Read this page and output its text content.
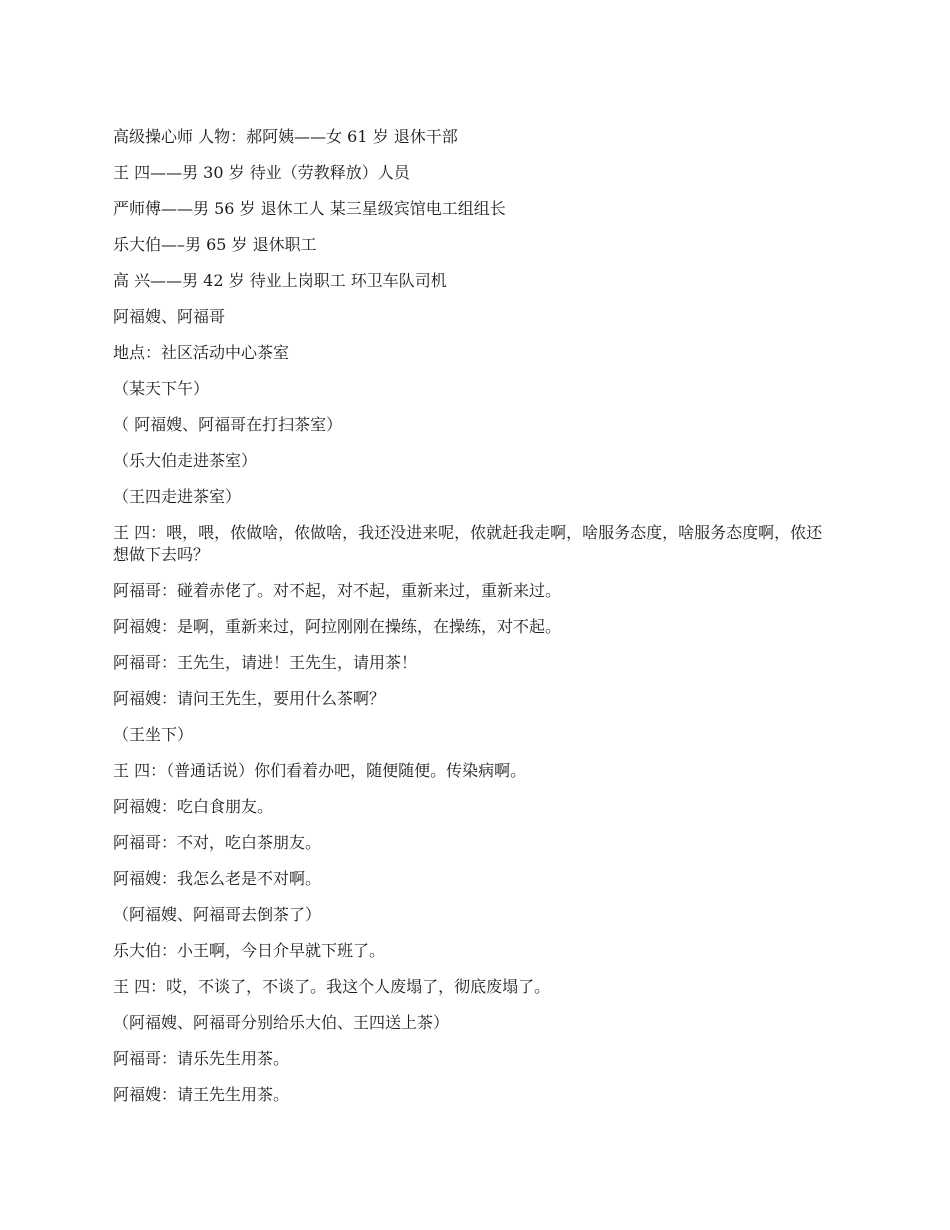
高级操心师 人物：郝阿姨——女 61 岁 退休干部

王 四——男 30 岁 待业（劳教释放）人员

严师傅——男 56 岁 退休工人 某三星级宾馆电工组组长

乐大伯—–男 65 岁 退休职工

高 兴——男 42 岁 待业上岗职工 环卫车队司机

阿福嫂、阿福哥

地点：社区活动中心茶室

（某天下午）

（ 阿福嫂、阿福哥在打扫茶室）

（乐大伯走进茶室）

（王四走进茶室）

王 四：喂，喂，侬做啥，侬做啥，我还没进来呢，侬就赶我走啊，啥服务态度，啥服务态度啊，侬还想做下去吗？

阿福哥：碰着赤佬了。对不起，对不起，重新来过，重新来过。

阿福嫂：是啊，重新来过，阿拉刚刚在操练，在操练，对不起。

阿福哥：王先生，请进！王先生，请用茶！

阿福嫂：请问王先生，要用什么茶啊？

（王坐下）

王 四：（普通话说）你们看着办吧，随便随便。传染病啊。

阿福嫂：吃白食朋友。

阿福哥：不对，吃白茶朋友。

阿福嫂：我怎么老是不对啊。

（阿福嫂、阿福哥去倒茶了）

乐大伯：小王啊，今日介早就下班了。

王 四：哎，不谈了，不谈了。我这个人废塌了，彻底废塌了。

（阿福嫂、阿福哥分别给乐大伯、王四送上茶）

阿福哥：请乐先生用茶。

阿福嫂：请王先生用茶。
